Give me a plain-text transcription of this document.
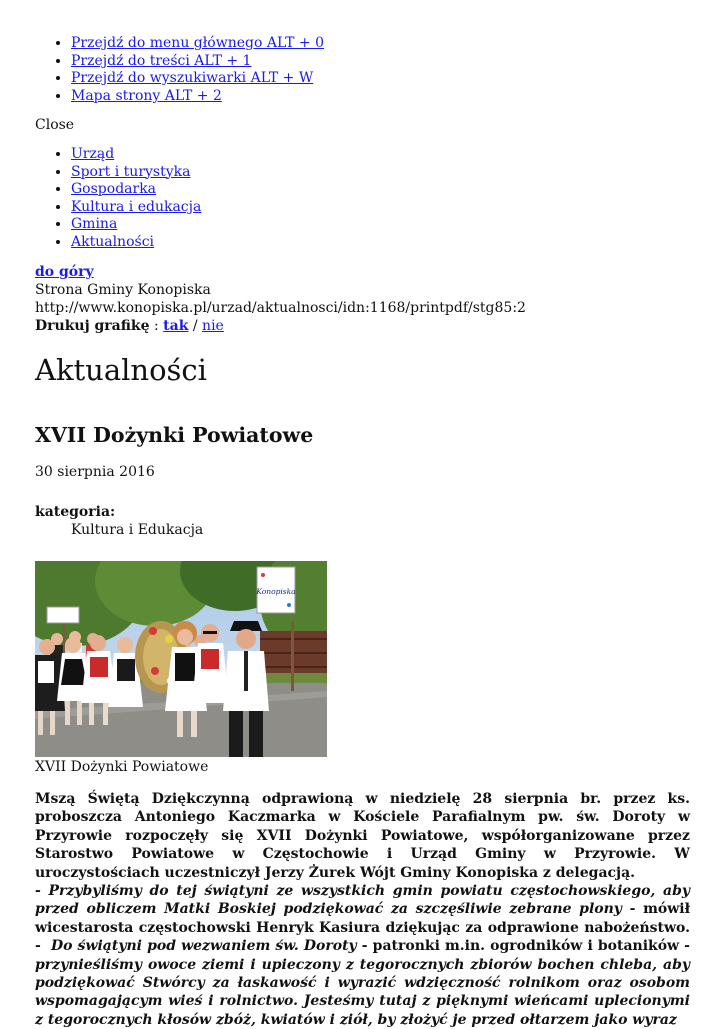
• Przejdź do menu głównego ALT + 0
• Przejdź do treści ALT + 1
• Przejdź do wyszukiwarki ALT + W
• Mapa strony ALT + 2
Close
• Urząd
• Sport i turystyka
• Gospodarka
• Kultura i edukacja
• Gmina
• Aktualności
do góry
Strona Gminy Konopiska
http://www.konopiska.pl/urzad/aktualnosci/idn:1168/printpdf/stg85:2
Drukuj grafikę : tak / nie
Aktualności
XVII Dożynki Powiatowe
30 sierpnia 2016
kategoria:
Kultura i Edukacja
Konopiska
XVII Dożynki Powiatowe

Mszą Świętą Dziękczynną odprawioną w niedzielę 28 sierpnia br. przez ks. proboszcza Antoniego Kaczmarka w Kościele Parafialnym pw. św. Doroty w Przyrowie rozpoczęły się XVII Dożynki Powiatowe, współorganizowane przez Starostwo Powiatowe w Częstochowie i Urząd Gminy w Przyrowie. W uroczystościach uczestniczył Jerzy Żurek Wójt Gminy Konopiska z delegacją.

- Przybyliśmy do tej świątyni ze wszystkich gmin powiatu częstochowskiego, aby przed obliczem Matki Boskiej podziękować za szczęśliwie zebrane plony - mówił wicestarosta częstochowski Henryk Kasiura dziękując za odprawione nabożeństwo. -  Do świątyni pod wezwaniem św. Doroty - patronki m.in. ogrodników i botaników - przynieśliśmy owoce ziemi i upieczony z tegorocznych zbiorów bochen chleba, aby podziękować Stwórcy za łaskawość i wyrazić wdzięczność rolnikom oraz osobom wspomagającym wieś i rolnictwo. Jesteśmy tutaj z pięknymi wieńcami uplecionymi z tegorocznych kłosów zbóż, kwiatów i ziół, by złożyć je przed ołtarzem jako wyraz
